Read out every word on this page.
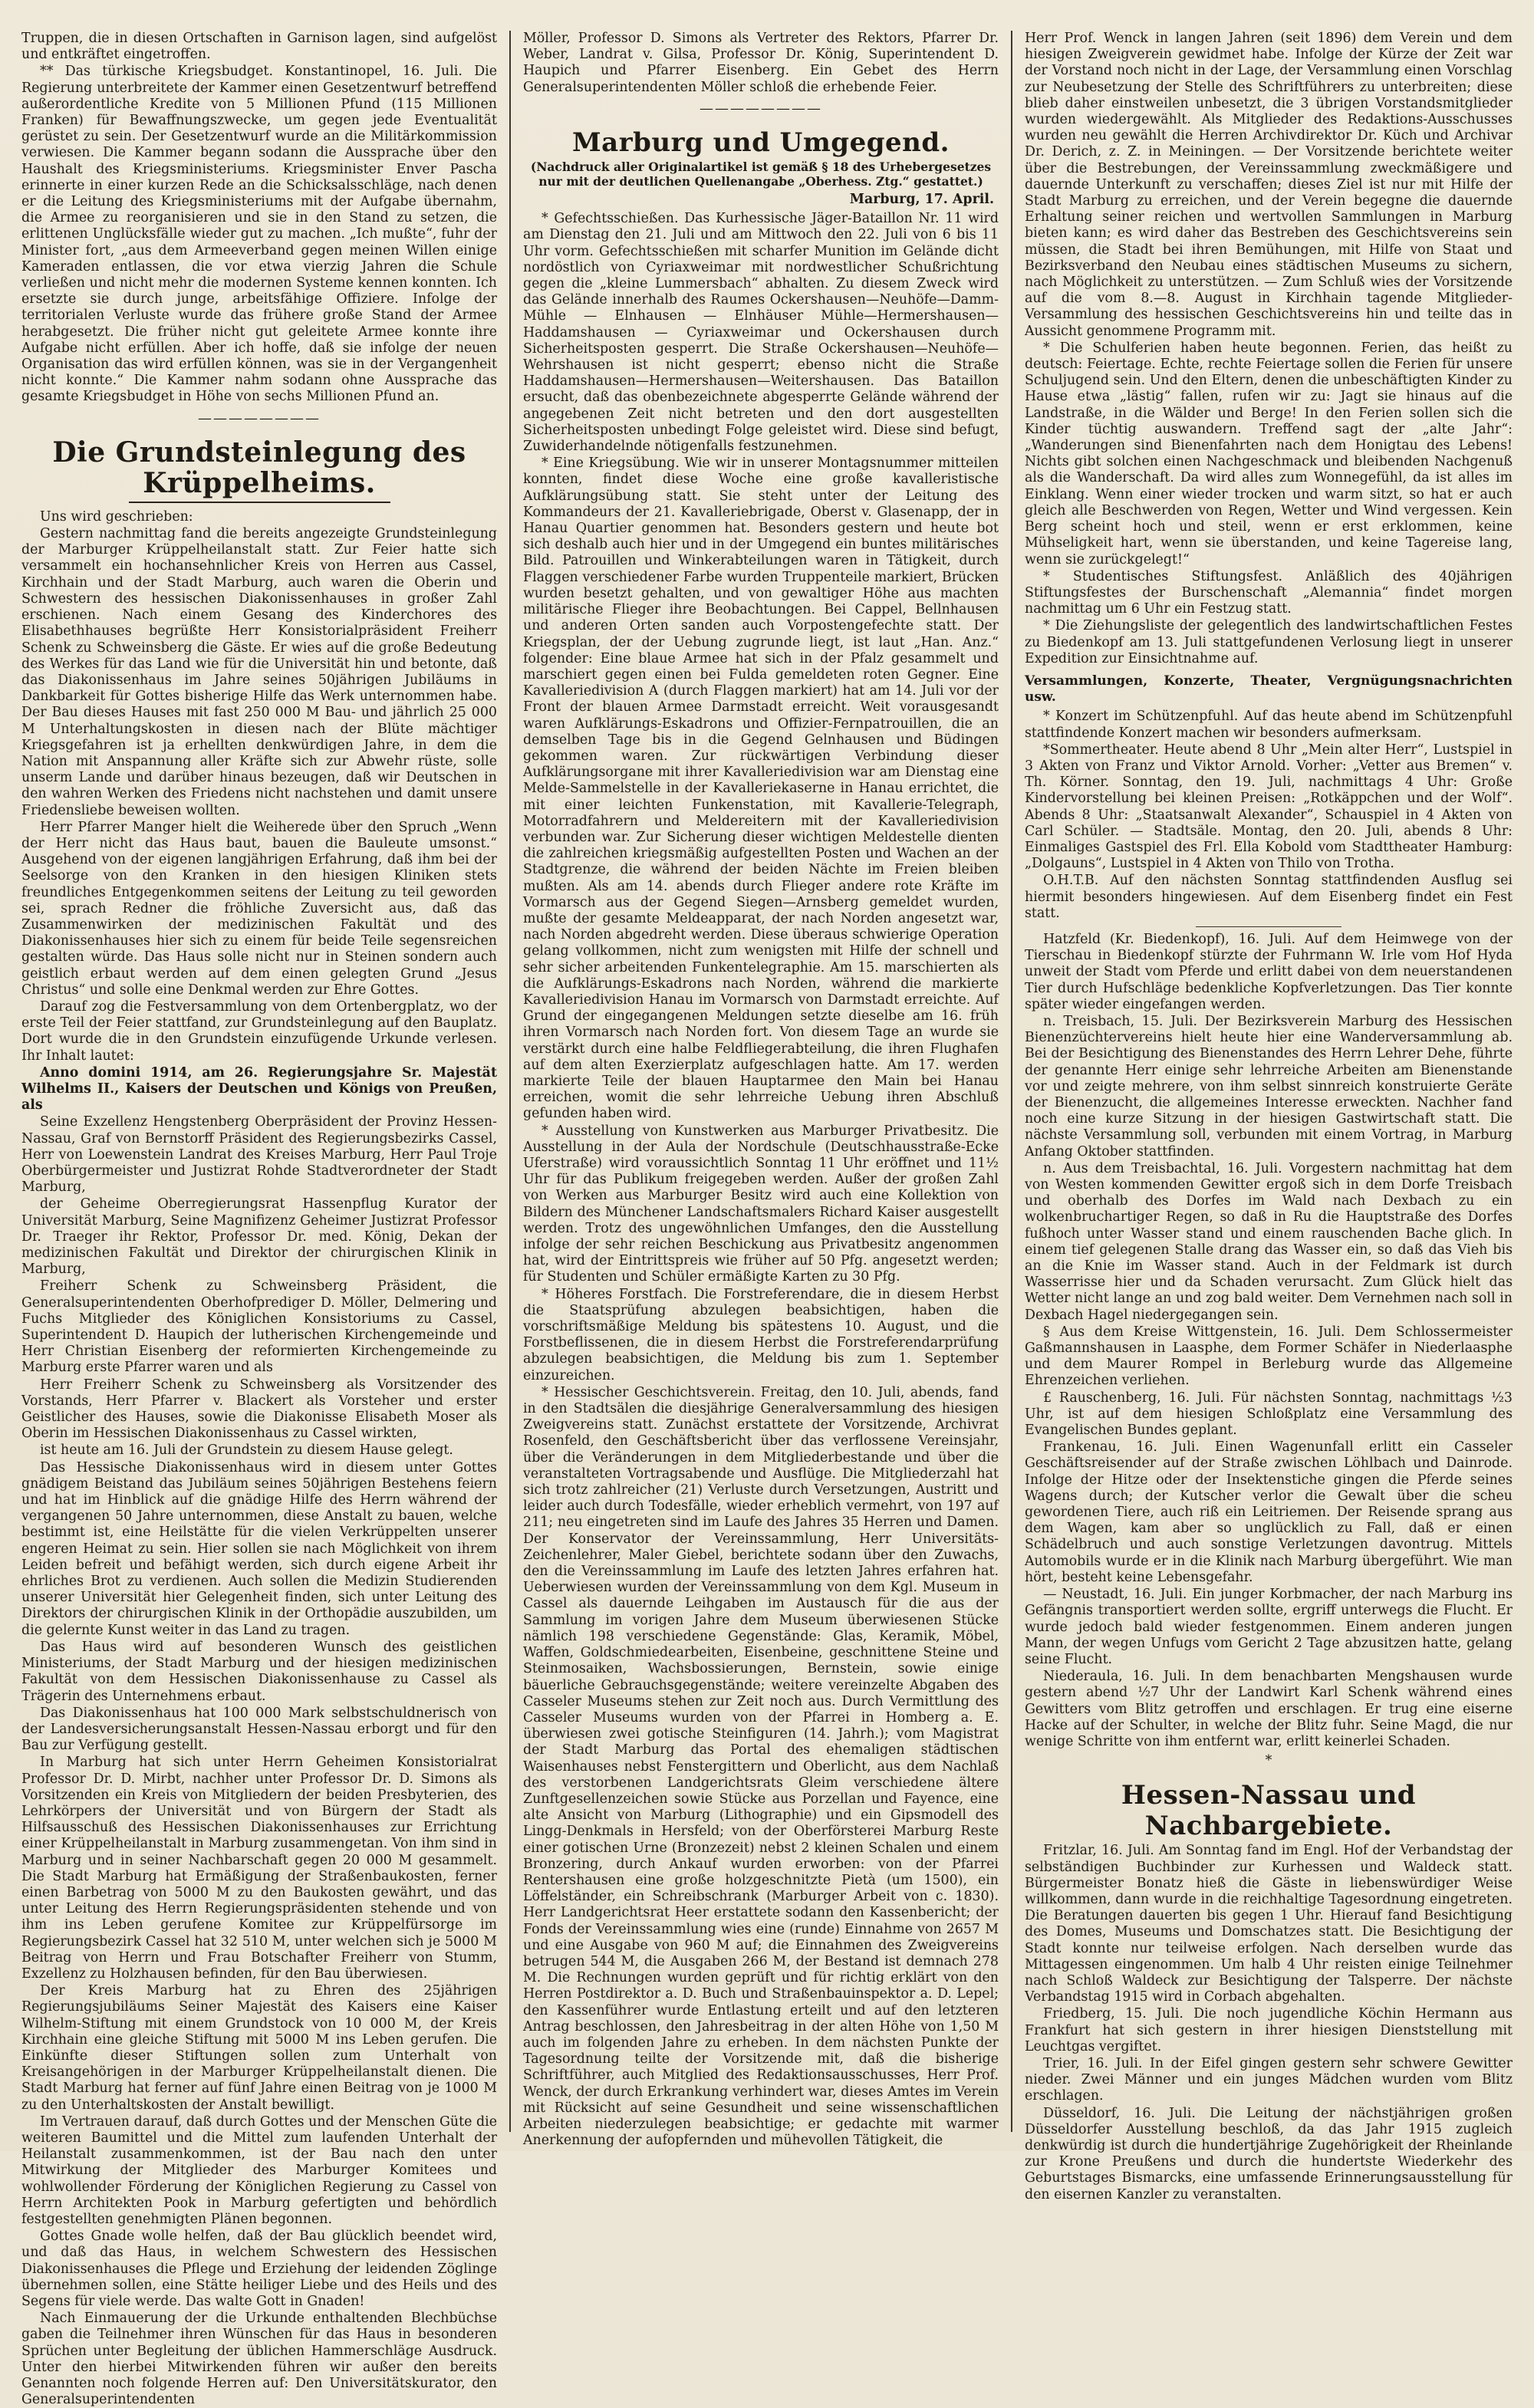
Truppen, die in diesen Ortschaften in Garnison lagen, sind aufgelöst und entkräftet eingetroffen.

** Das türkische Kriegsbudget. Konstantinopel, 16. Juli. Die Regierung unterbreitete der Kammer einen Gesetzentwurf betreffend außerordentliche Kredite von 5 Millionen Pfund (115 Millionen Franken) für Bewaffnungszwecke, um gegen jede Eventualität gerüstet zu sein. Der Gesetzentwurf wurde an die Militärkommission verwiesen. Die Kammer begann sodann die Aussprache über den Haushalt des Kriegsministeriums. Kriegsminister Enver Pascha erinnerte in einer kurzen Rede an die Schicksalsschläge, nach denen er die Leitung des Kriegsministeriums mit der Aufgabe übernahm, die Armee zu reorganisieren und sie in den Stand zu setzen, die erlittenen Unglücksfälle wieder gut zu machen. „Ich mußte“, fuhr der Minister fort, „aus dem Armeeverband gegen meinen Willen einige Kameraden entlassen, die vor etwa vierzig Jahren die Schule verließen und nicht mehr die modernen Systeme kennen konnten. Ich ersetzte sie durch junge, arbeitsfähige Offiziere. Infolge der territorialen Verluste wurde das frühere große Stand der Armee herabgesetzt. Die früher nicht gut geleitete Armee konnte ihre Aufgabe nicht erfüllen. Aber ich hoffe, daß sie infolge der neuen Organisation das wird erfüllen können, was sie in der Vergangenheit nicht konnte.“ Die Kammer nahm sodann ohne Aussprache das gesamte Kriegsbudget in Höhe von sechs Millionen Pfund an.

————————
Die Grundsteinlegung des Krüppelheims.

Uns wird geschrieben:

Gestern nachmittag fand die bereits angezeigte Grundsteinlegung der Marburger Krüppelheilanstalt statt. Zur Feier hatte sich versammelt ein hochansehnlicher Kreis von Herren aus Cassel, Kirchhain und der Stadt Marburg, auch waren die Oberin und Schwestern des hessischen Diakonissenhauses in großer Zahl erschienen. Nach einem Gesang des Kinderchores des Elisabethhauses begrüßte Herr Konsistorialpräsident Freiherr Schenk zu Schweinsberg die Gäste. Er wies auf die große Bedeutung des Werkes für das Land wie für die Universität hin und betonte, daß das Diakonissenhaus im Jahre seines 50jährigen Jubiläums in Dankbarkeit für Gottes bisherige Hilfe das Werk unternommen habe. Der Bau dieses Hauses mit fast 250 000 M Bau- und jährlich 25 000 M Unterhaltungskosten in diesen nach der Blüte mächtiger Kriegsgefahren ist ja erhellten denkwürdigen Jahre, in dem die Nation mit Anspannung aller Kräfte sich zur Abwehr rüste, solle unserm Lande und darüber hinaus bezeugen, daß wir Deutschen in den wahren Werken des Friedens nicht nachstehen und damit unsere Friedensliebe beweisen wollten.

Herr Pfarrer Manger hielt die Weiherede über den Spruch „Wenn der Herr nicht das Haus baut, bauen die Bauleute umsonst.“ Ausgehend von der eigenen langjährigen Erfahrung, daß ihm bei der Seelsorge von den Kranken in den hiesigen Kliniken stets freundliches Entgegenkommen seitens der Leitung zu teil geworden sei, sprach Redner die fröhliche Zuversicht aus, daß das Zusammenwirken der medizinischen Fakultät und des Diakonissenhauses hier sich zu einem für beide Teile segensreichen gestalten würde. Das Haus solle nicht nur in Steinen sondern auch geistlich erbaut werden auf dem einen gelegten Grund „Jesus Christus“ und solle eine Denkmal werden zur Ehre Gottes.

Darauf zog die Festversammlung von dem Ortenbergplatz, wo der erste Teil der Feier stattfand, zur Grundsteinlegung auf den Bauplatz. Dort wurde die in den Grundstein einzufügende Urkunde verlesen. Ihr Inhalt lautet:

Anno domini 1914, am 26. Regierungsjahre Sr. Majestät Wilhelms II., Kaisers der Deutschen und Königs von Preußen, als

Seine Exzellenz Hengstenberg Oberpräsident der Provinz Hessen-Nassau, Graf von Bernstorff Präsident des Regierungsbezirks Cassel, Herr von Loewenstein Landrat des Kreises Marburg, Herr Paul Troje Oberbürgermeister und Justizrat Rohde Stadtverordneter der Stadt Marburg,

der Geheime Oberregierungsrat Hassenpflug Kurator der Universität Marburg, Seine Magnifizenz Geheimer Justizrat Professor Dr. Traeger ihr Rektor, Professor Dr. med. König, Dekan der medizinischen Fakultät und Direktor der chirurgischen Klinik in Marburg,

Freiherr Schenk zu Schweinsberg Präsident, die Generalsuperintendenten Oberhofprediger D. Möller, Delmering und Fuchs Mitglieder des Königlichen Konsistoriums zu Cassel, Superintendent D. Haupich der lutherischen Kirchengemeinde und Herr Christian Eisenberg der reformierten Kirchengemeinde zu Marburg erste Pfarrer waren und als

Herr Freiherr Schenk zu Schweinsberg als Vorsitzender des Vorstands, Herr Pfarrer v. Blackert als Vorsteher und erster Geistlicher des Hauses, sowie die Diakonisse Elisabeth Moser als Oberin im Hessischen Diakonissenhaus zu Cassel wirkten,

ist heute am 16. Juli der Grundstein zu diesem Hause gelegt.

Das Hessische Diakonissenhaus wird in diesem unter Gottes gnädigem Beistand das Jubiläum seines 50jährigen Bestehens feiern und hat im Hinblick auf die gnädige Hilfe des Herrn während der vergangenen 50 Jahre unternommen, diese Anstalt zu bauen, welche bestimmt ist, eine Heilstätte für die vielen Verkrüppelten unserer engeren Heimat zu sein. Hier sollen sie nach Möglichkeit von ihrem Leiden befreit und befähigt werden, sich durch eigene Arbeit ihr ehrliches Brot zu verdienen. Auch sollen die Medizin Studierenden unserer Universität hier Gelegenheit finden, sich unter Leitung des Direktors der chirurgischen Klinik in der Orthopädie auszubilden, um die gelernte Kunst weiter in das Land zu tragen.

Das Haus wird auf besonderen Wunsch des geistlichen Ministeriums, der Stadt Marburg und der hiesigen medizinischen Fakultät von dem Hessischen Diakonissenhause zu Cassel als Trägerin des Unternehmens erbaut.

Das Diakonissenhaus hat 100 000 Mark selbstschuldnerisch von der Landesversicherungsanstalt Hessen-Nassau erborgt und für den Bau zur Verfügung gestellt.

In Marburg hat sich unter Herrn Geheimen Konsistorialrat Professor Dr. D. Mirbt, nachher unter Professor Dr. D. Simons als Vorsitzenden ein Kreis von Mitgliedern der beiden Presbyterien, des Lehrkörpers der Universität und von Bürgern der Stadt als Hilfsausschuß des Hessischen Diakonissenhauses zur Errichtung einer Krüppelheilanstalt in Marburg zusammengetan. Von ihm sind in Marburg und in seiner Nachbarschaft gegen 20 000 M gesammelt. Die Stadt Marburg hat Ermäßigung der Straßenbaukosten, ferner einen Barbetrag von 5000 M zu den Baukosten gewährt, und das unter Leitung des Herrn Regierungspräsidenten stehende und von ihm ins Leben gerufene Komitee zur Krüppelfürsorge im Regierungsbezirk Cassel hat 32 510 M, unter welchen sich je 5000 M Beitrag von Herrn und Frau Botschafter Freiherr von Stumm, Exzellenz zu Holzhausen befinden, für den Bau überwiesen.

Der Kreis Marburg hat zu Ehren des 25jährigen Regierungsjubiläums Seiner Majestät des Kaisers eine Kaiser Wilhelm-Stiftung mit einem Grundstock von 10 000 M, der Kreis Kirchhain eine gleiche Stiftung mit 5000 M ins Leben gerufen. Die Einkünfte dieser Stiftungen sollen zum Unterhalt von Kreisangehörigen in der Marburger Krüppelheilanstalt dienen. Die Stadt Marburg hat ferner auf fünf Jahre einen Beitrag von je 1000 M zu den Unterhaltskosten der Anstalt bewilligt.

Im Vertrauen darauf, daß durch Gottes und der Menschen Güte die weiteren Baumittel und die Mittel zum laufenden Unterhalt der Heilanstalt zusammenkommen, ist der Bau nach den unter Mitwirkung der Mitglieder des Marburger Komitees und wohlwollender Förderung der Königlichen Regierung zu Cassel von Herrn Architekten Pook in Marburg gefertigten und behördlich festgestellten genehmigten Plänen begonnen.

Gottes Gnade wolle helfen, daß der Bau glücklich beendet wird, und daß das Haus, in welchem Schwestern des Hessischen Diakonissenhauses die Pflege und Erziehung der leidenden Zöglinge übernehmen sollen, eine Stätte heiliger Liebe und des Heils und des Segens für viele werde. Das walte Gott in Gnaden!

Nach Einmauerung der die Urkunde enthaltenden Blechbüchse gaben die Teilnehmer ihren Wünschen für das Haus in besonderen Sprüchen unter Begleitung der üblichen Hammerschläge Ausdruck. Unter den hierbei Mitwirkenden führen wir außer den bereits Genannten noch folgende Herren auf: Den Universitätskurator, den Generalsuperintendenten

Möller, Professor D. Simons als Vertreter des Rektors, Pfarrer Dr. Weber, Landrat v. Gilsa, Professor Dr. König, Superintendent D. Haupich und Pfarrer Eisenberg. Ein Gebet des Herrn Generalsuperintendenten Möller schloß die erhebende Feier.

————————
Marburg und Umgegend.
(Nachdruck aller Originalartikel ist gemäß § 18 des Urhebergesetzes nur mit der deutlichen Quellenangabe „Oberhess. Ztg.“ gestattet.)
Marburg, 17. April.

* Gefechtsschießen. Das Kurhessische Jäger-Bataillon Nr. 11 wird am Dienstag den 21. Juli und am Mittwoch den 22. Juli von 6 bis 11 Uhr vorm. Gefechtsschießen mit scharfer Munition im Gelände dicht nordöstlich von Cyriaxweimar mit nordwestlicher Schußrichtung gegen die „kleine Lummersbach“ abhalten. Zu diesem Zweck wird das Gelände innerhalb des Raumes Ockershausen—Neuhöfe—Damm-Mühle — Elnhausen — Elnhäuser Mühle—Hermershausen—Haddamshausen — Cyriaxweimar und Ockershausen durch Sicherheitsposten gesperrt. Die Straße Ockershausen—Neuhöfe—Wehrshausen ist nicht gesperrt; ebenso nicht die Straße Haddamshausen—Hermershausen—Weitershausen. Das Bataillon ersucht, daß das obenbezeichnete abgesperrte Gelände während der angegebenen Zeit nicht betreten und den dort ausgestellten Sicherheitsposten unbedingt Folge geleistet wird. Diese sind befugt, Zuwiderhandelnde nötigenfalls festzunehmen.

* Eine Kriegsübung. Wie wir in unserer Montagsnummer mitteilen konnten, findet diese Woche eine große kavalleristische Aufklärungsübung statt. Sie steht unter der Leitung des Kommandeurs der 21. Kavalleriebrigade, Oberst v. Glasenapp, der in Hanau Quartier genommen hat. Besonders gestern und heute bot sich deshalb auch hier und in der Umgegend ein buntes militärisches Bild. Patrouillen und Winkerabteilungen waren in Tätigkeit, durch Flaggen verschiedener Farbe wurden Truppenteile markiert, Brücken wurden besetzt gehalten, und von gewaltiger Höhe aus machten militärische Flieger ihre Beobachtungen. Bei Cappel, Bellnhausen und anderen Orten sanden auch Vorpostengefechte statt. Der Kriegsplan, der der Uebung zugrunde liegt, ist laut „Han. Anz.“ folgender: Eine blaue Armee hat sich in der Pfalz gesammelt und marschiert gegen einen bei Fulda gemeldeten roten Gegner. Eine Kavalleriedivision A (durch Flaggen markiert) hat am 14. Juli vor der Front der blauen Armee Darmstadt erreicht. Weit vorausgesandt waren Aufklärungs-Eskadrons und Offizier-Fernpatrouillen, die an demselben Tage bis in die Gegend Gelnhausen und Büdingen gekommen waren. Zur rückwärtigen Verbindung dieser Aufklärungsorgane mit ihrer Kavalleriedivision war am Dienstag eine Melde-Sammelstelle in der Kavalleriekaserne in Hanau errichtet, die mit einer leichten Funkenstation, mit Kavallerie-Telegraph, Motorradfahrern und Meldereitern mit der Kavalleriedivision verbunden war. Zur Sicherung dieser wichtigen Meldestelle dienten die zahlreichen kriegsmäßig aufgestellten Posten und Wachen an der Stadtgrenze, die während der beiden Nächte im Freien bleiben mußten. Als am 14. abends durch Flieger andere rote Kräfte im Vormarsch aus der Gegend Siegen—Arnsberg gemeldet wurden, mußte der gesamte Meldeapparat, der nach Norden angesetzt war, nach Norden abgedreht werden. Diese überaus schwierige Operation gelang vollkommen, nicht zum wenigsten mit Hilfe der schnell und sehr sicher arbeitenden Funkentelegraphie. Am 15. marschierten als die Aufklärungs-Eskadrons nach Norden, während die markierte Kavalleriedivision Hanau im Vormarsch von Darmstadt erreichte. Auf Grund der eingegangenen Meldungen setzte dieselbe am 16. früh ihren Vormarsch nach Norden fort. Von diesem Tage an wurde sie verstärkt durch eine halbe Feldfliegerabteilung, die ihren Flughafen auf dem alten Exerzierplatz aufgeschlagen hatte. Am 17. werden markierte Teile der blauen Hauptarmee den Main bei Hanau erreichen, womit die sehr lehrreiche Uebung ihren Abschluß gefunden haben wird.

* Ausstellung von Kunstwerken aus Marburger Privatbesitz. Die Ausstellung in der Aula der Nordschule (Deutschhausstraße-Ecke Uferstraße) wird voraussichtlich Sonntag 11 Uhr eröffnet und 11½ Uhr für das Publikum freigegeben werden. Außer der großen Zahl von Werken aus Marburger Besitz wird auch eine Kollektion von Bildern des Münchener Landschaftsmalers Richard Kaiser ausgestellt werden. Trotz des ungewöhnlichen Umfanges, den die Ausstellung infolge der sehr reichen Beschickung aus Privatbesitz angenommen hat, wird der Eintrittspreis wie früher auf 50 Pfg. angesetzt werden; für Studenten und Schüler ermäßigte Karten zu 30 Pfg.

* Höheres Forstfach. Die Forstreferendare, die in diesem Herbst die Staatsprüfung abzulegen beabsichtigen, haben die vorschriftsmäßige Meldung bis spätestens 10. August, und die Forstbeflissenen, die in diesem Herbst die Forstreferendarprüfung abzulegen beabsichtigen, die Meldung bis zum 1. September einzureichen.

* Hessischer Geschichtsverein. Freitag, den 10. Juli, abends, fand in den Stadtsälen die diesjährige Generalversammlung des hiesigen Zweigvereins statt. Zunächst erstattete der Vorsitzende, Archivrat Rosenfeld, den Geschäftsbericht über das verflossene Vereinsjahr, über die Veränderungen in dem Mitgliederbestande und über die veranstalteten Vortragsabende und Ausflüge. Die Mitgliederzahl hat sich trotz zahlreicher (21) Verluste durch Versetzungen, Austritt und leider auch durch Todesfälle, wieder erheblich vermehrt, von 197 auf 211; neu eingetreten sind im Laufe des Jahres 35 Herren und Damen. Der Konservator der Vereinssammlung, Herr Universitäts-Zeichenlehrer, Maler Giebel, berichtete sodann über den Zuwachs, den die Vereinssammlung im Laufe des letzten Jahres erfahren hat. Ueberwiesen wurden der Vereinssammlung von dem Kgl. Museum in Cassel als dauernde Leihgaben im Austausch für die aus der Sammlung im vorigen Jahre dem Museum überwiesenen Stücke nämlich 198 verschiedene Gegenstände: Glas, Keramik, Möbel, Waffen, Goldschmiedearbeiten, Eisenbeine, geschnittene Steine und Steinmosaiken, Wachsbossierungen, Bernstein, sowie einige bäuerliche Gebrauchsgegenstände; weitere vereinzelte Abgaben des Casseler Museums stehen zur Zeit noch aus. Durch Vermittlung des Casseler Museums wurden von der Pfarrei in Homberg a. E. überwiesen zwei gotische Steinfiguren (14. Jahrh.); vom Magistrat der Stadt Marburg das Portal des ehemaligen städtischen Waisenhauses nebst Fenstergittern und Oberlicht, aus dem Nachlaß des verstorbenen Landgerichtsrats Gleim verschiedene ältere Zunftgesellenzeichen sowie Stücke aus Porzellan und Fayence, eine alte Ansicht von Marburg (Lithographie) und ein Gipsmodell des Lingg-Denkmals in Hersfeld; von der Oberförsterei Marburg Reste einer gotischen Urne (Bronzezeit) nebst 2 kleinen Schalen und einem Bronzering, durch Ankauf wurden erworben: von der Pfarrei Rentershausen eine große holzgeschnitzte Pietà (um 1500), ein Löffelständer, ein Schreibschrank (Marburger Arbeit von c. 1830). Herr Landgerichtsrat Heer erstattete sodann den Kassenbericht; der Fonds der Vereinssammlung wies eine (runde) Einnahme von 2657 M und eine Ausgabe von 960 M auf; die Einnahmen des Zweigvereins betrugen 544 M, die Ausgaben 266 M, der Bestand ist demnach 278 M. Die Rechnungen wurden geprüft und für richtig erklärt von den Herren Postdirektor a. D. Buch und Straßenbauinspektor a. D. Lepel; den Kassenführer wurde Entlastung erteilt und auf den letzteren Antrag beschlossen, den Jahresbeitrag in der alten Höhe von 1,50 M auch im folgenden Jahre zu erheben. In dem nächsten Punkte der Tagesordnung teilte der Vorsitzende mit, daß die bisherige Schriftführer, auch Mitglied des Redaktionsausschusses, Herr Prof. Wenck, der durch Erkrankung verhindert war, dieses Amtes im Verein mit Rücksicht auf seine Gesundheit und seine wissenschaftlichen Arbeiten niederzulegen beabsichtige; er gedachte mit warmer Anerkennung der aufopfernden und mühevollen Tätigkeit, die

Herr Prof. Wenck in langen Jahren (seit 1896) dem Verein und dem hiesigen Zweigverein gewidmet habe. Infolge der Kürze der Zeit war der Vorstand noch nicht in der Lage, der Versammlung einen Vorschlag zur Neubesetzung der Stelle des Schriftführers zu unterbreiten; diese blieb daher einstweilen unbesetzt, die 3 übrigen Vorstandsmitglieder wurden wiedergewählt. Als Mitglieder des Redaktions-Ausschusses wurden neu gewählt die Herren Archivdirektor Dr. Küch und Archivar Dr. Derich, z. Z. in Meiningen. — Der Vorsitzende berichtete weiter über die Bestrebungen, der Vereinssammlung zweckmäßigere und dauernde Unterkunft zu verschaffen; dieses Ziel ist nur mit Hilfe der Stadt Marburg zu erreichen, und der Verein begegne die dauernde Erhaltung seiner reichen und wertvollen Sammlungen in Marburg bieten kann; es wird daher das Bestreben des Geschichtsvereins sein müssen, die Stadt bei ihren Bemühungen, mit Hilfe von Staat und Bezirksverband den Neubau eines städtischen Museums zu sichern, nach Möglichkeit zu unterstützen. — Zum Schluß wies der Vorsitzende auf die vom 8.—8. August in Kirchhain tagende Mitglieder-Versammlung des hessischen Geschichtsvereins hin und teilte das in Aussicht genommene Programm mit.

* Die Schulferien haben heute begonnen. Ferien, das heißt zu deutsch: Feiertage. Echte, rechte Feiertage sollen die Ferien für unsere Schuljugend sein. Und den Eltern, denen die unbeschäftigten Kinder zu Hause etwa „lästig“ fallen, rufen wir zu: Jagt sie hinaus auf die Landstraße, in die Wälder und Berge! In den Ferien sollen sich die Kinder tüchtig auswandern. Treffend sagt der „alte Jahr“: „Wanderungen sind Bienenfahrten nach dem Honigtau des Lebens! Nichts gibt solchen einen Nachgeschmack und bleibenden Nachgenuß als die Wanderschaft. Da wird alles zum Wonnegefühl, da ist alles im Einklang. Wenn einer wieder trocken und warm sitzt, so hat er auch gleich alle Beschwerden von Regen, Wetter und Wind vergessen. Kein Berg scheint hoch und steil, wenn er erst erklommen, keine Mühseligkeit hart, wenn sie überstanden, und keine Tagereise lang, wenn sie zurückgelegt!“

* Studentisches Stiftungsfest. Anläßlich des 40jährigen Stiftungsfestes der Burschenschaft „Alemannia“ findet morgen nachmittag um 6 Uhr ein Festzug statt.

* Die Ziehungsliste der gelegentlich des landwirtschaftlichen Festes zu Biedenkopf am 13. Juli stattgefundenen Verlosung liegt in unserer Expedition zur Einsichtnahme auf.

Versammlungen, Konzerte, Theater, Vergnügungsnachrichten usw.

* Konzert im Schützenpfuhl. Auf das heute abend im Schützenpfuhl stattfindende Konzert machen wir besonders aufmerksam.

*Sommertheater. Heute abend 8 Uhr „Mein alter Herr“, Lustspiel in 3 Akten von Franz und Viktor Arnold. Vorher: „Vetter aus Bremen“ v. Th. Körner. Sonntag, den 19. Juli, nachmittags 4 Uhr: Große Kindervorstellung bei kleinen Preisen: „Rotkäppchen und der Wolf“. Abends 8 Uhr: „Staatsanwalt Alexander“, Schauspiel in 4 Akten von Carl Schüler. — Stadtsäle. Montag, den 20. Juli, abends 8 Uhr: Einmaliges Gastspiel des Frl. Ella Kobold vom Stadttheater Hamburg: „Dolgauns“, Lustspiel in 4 Akten von Thilo von Trotha.

O.H.T.B. Auf den nächsten Sonntag stattfindenden Ausflug sei hiermit besonders hingewiesen. Auf dem Eisenberg findet ein Fest statt.

Hatzfeld (Kr. Biedenkopf), 16. Juli. Auf dem Heimwege von der Tierschau in Biedenkopf stürzte der Fuhrmann W. Irle vom Hof Hyda unweit der Stadt vom Pferde und erlitt dabei von dem neuerstandenen Tier durch Hufschläge bedenkliche Kopfverletzungen. Das Tier konnte später wieder eingefangen werden.

n. Treisbach, 15. Juli. Der Bezirksverein Marburg des Hessischen Bienenzüchtervereins hielt heute hier eine Wanderversammlung ab. Bei der Besichtigung des Bienenstandes des Herrn Lehrer Dehe, führte der genannte Herr einige sehr lehrreiche Arbeiten am Bienenstande vor und zeigte mehrere, von ihm selbst sinnreich konstruierte Geräte der Bienenzucht, die allgemeines Interesse erweckten. Nachher fand noch eine kurze Sitzung in der hiesigen Gastwirtschaft statt. Die nächste Versammlung soll, verbunden mit einem Vortrag, in Marburg Anfang Oktober stattfinden.

n. Aus dem Treisbachtal, 16. Juli. Vorgestern nachmittag hat dem von Westen kommenden Gewitter ergoß sich in dem Dorfe Treisbach und oberhalb des Dorfes im Wald nach Dexbach zu ein wolkenbruchartiger Regen, so daß in Ru die Hauptstraße des Dorfes fußhoch unter Wasser stand und einem rauschenden Bache glich. In einem tief gelegenen Stalle drang das Wasser ein, so daß das Vieh bis an die Knie im Wasser stand. Auch in der Feldmark ist durch Wasserrisse hier und da Schaden verursacht. Zum Glück hielt das Wetter nicht lange an und zog bald weiter. Dem Vernehmen nach soll in Dexbach Hagel niedergegangen sein.

§ Aus dem Kreise Wittgenstein, 16. Juli. Dem Schlossermeister Gaßmannshausen in Laasphe, dem Former Schäfer in Niederlaasphe und dem Maurer Rompel in Berleburg wurde das Allgemeine Ehrenzeichen verliehen.

£ Rauschenberg, 16. Juli. Für nächsten Sonntag, nachmittags ½3 Uhr, ist auf dem hiesigen Schloßplatz eine Versammlung des Evangelischen Bundes geplant.

Frankenau, 16. Juli. Einen Wagenunfall erlitt ein Casseler Geschäftsreisender auf der Straße zwischen Löhlbach und Dainrode. Infolge der Hitze oder der Insektenstiche gingen die Pferde seines Wagens durch; der Kutscher verlor die Gewalt über die scheu gewordenen Tiere, auch riß ein Leitriemen. Der Reisende sprang aus dem Wagen, kam aber so unglücklich zu Fall, daß er einen Schädelbruch und auch sonstige Verletzungen davontrug. Mittels Automobils wurde er in die Klinik nach Marburg übergeführt. Wie man hört, besteht keine Lebensgefahr.

— Neustadt, 16. Juli. Ein junger Korbmacher, der nach Marburg ins Gefängnis transportiert werden sollte, ergriff unterwegs die Flucht. Er wurde jedoch bald wieder festgenommen. Einem anderen jungen Mann, der wegen Unfugs vom Gericht 2 Tage abzusitzen hatte, gelang seine Flucht.

Niederaula, 16. Juli. In dem benachbarten Mengshausen wurde gestern abend ½7 Uhr der Landwirt Karl Schenk während eines Gewitters vom Blitz getroffen und erschlagen. Er trug eine eiserne Hacke auf der Schulter, in welche der Blitz fuhr. Seine Magd, die nur wenige Schritte von ihm entfernt war, erlitt keinerlei Schaden.

*
Hessen-Nassau und Nachbargebiete.

Fritzlar, 16. Juli. Am Sonntag fand im Engl. Hof der Verbandstag der selbständigen Buchbinder zur Kurhessen und Waldeck statt. Bürgermeister Bonatz hieß die Gäste in liebenswürdiger Weise willkommen, dann wurde in die reichhaltige Tagesordnung eingetreten. Die Beratungen dauerten bis gegen 1 Uhr. Hierauf fand Besichtigung des Domes, Museums und Domschatzes statt. Die Besichtigung der Stadt konnte nur teilweise erfolgen. Nach derselben wurde das Mittagessen eingenommen. Um halb 4 Uhr reisten einige Teilnehmer nach Schloß Waldeck zur Besichtigung der Talsperre. Der nächste Verbandstag 1915 wird in Corbach abgehalten.

Friedberg, 15. Juli. Die noch jugendliche Köchin Hermann aus Frankfurt hat sich gestern in ihrer hiesigen Dienststellung mit Leuchtgas vergiftet.

Trier, 16. Juli. In der Eifel gingen gestern sehr schwere Gewitter nieder. Zwei Männer und ein junges Mädchen wurden vom Blitz erschlagen.

Düsseldorf, 16. Juli. Die Leitung der nächstjährigen großen Düsseldorfer Ausstellung beschloß, da das Jahr 1915 zugleich denkwürdig ist durch die hundertjährige Zugehörigkeit der Rheinlande zur Krone Preußens und durch die hundertste Wiederkehr des Geburtstages Bismarcks, eine umfassende Erinnerungsausstellung für den eisernen Kanzler zu veranstalten.
